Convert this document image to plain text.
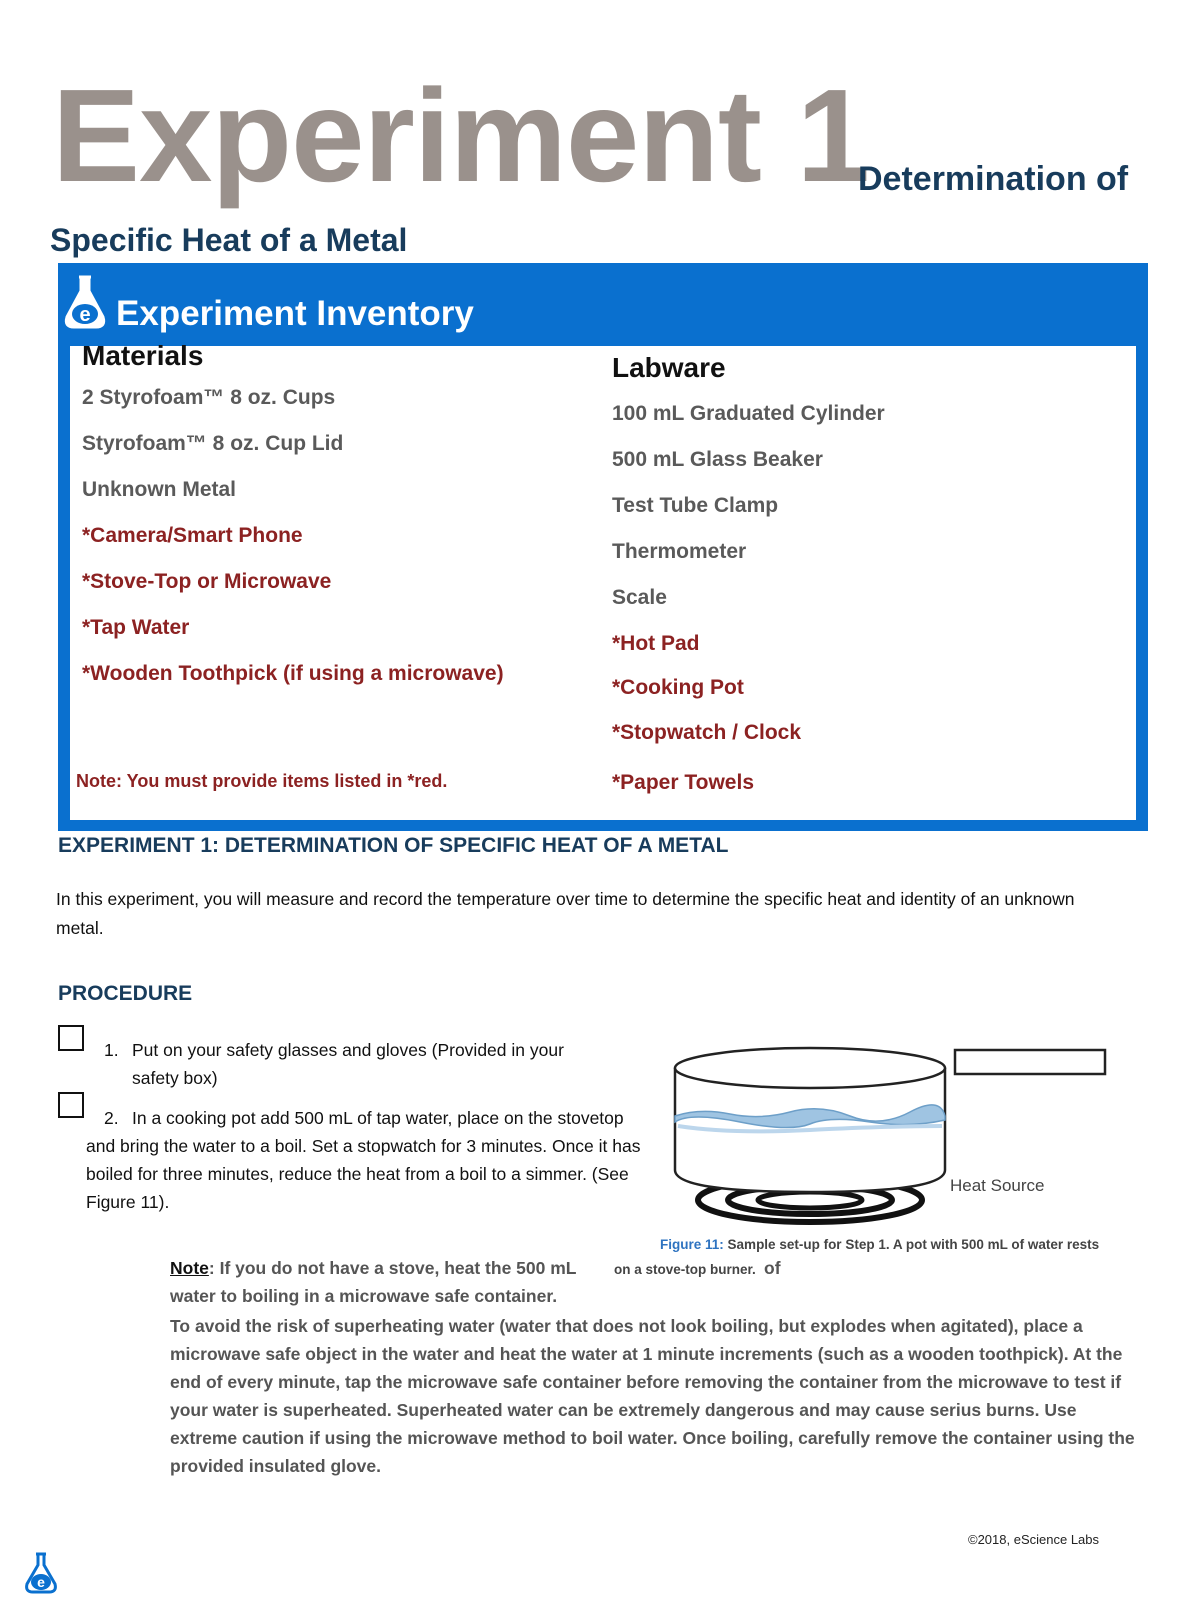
Experiment 1
Determination of
Specific Heat of a Metal
e Experiment Inventory
Materials
2 Styrofoam™ 8 oz. Cups
Styrofoam™ 8 oz. Cup Lid
Unknown Metal
*Camera/Smart Phone
*Stove-Top or Microwave
*Tap Water
*Wooden Toothpick (if using a microwave)
Note: You must provide items listed in *red.
Labware
100 mL Graduated Cylinder
500 mL Glass Beaker
Test Tube Clamp
Thermometer
Scale
*Hot Pad
*Cooking Pot
*Stopwatch / Clock
*Paper Towels
EXPERIMENT 1: DETERMINATION OF SPECIFIC HEAT OF A METAL
In this experiment, you will measure and record the temperature over time to determine the specific heat and identity of an unknown metal.
PROCEDURE
1. Put on your safety glasses and gloves (Provided in your safety box)
2. In a cooking pot add 500 mL of tap water, place on the stovetop and bring the water to a boil. Set a stopwatch for 3 minutes. Once it has boiled for three minutes, reduce the heat from a boil to a simmer. (See Figure 11).
Heat Source
Figure 11: Sample set-up for Step 1. A pot with 500 mL of water rests
Note: If you do not have a stove, heat the 500 mL	on a stove-top burner. of
water to boiling in a microwave safe container.
To avoid the risk of superheating water (water that does not look boiling, but explodes when agitated), place a microwave safe object in the water and heat the water at 1 minute increments (such as a wooden toothpick). At the end of every minute, tap the microwave safe container before removing the container from the microwave to test if your water is superheated. Superheated water can be extremely dangerous and may cause serius burns. Use extreme caution if using the microwave method to boil water. Once boiling, carefully remove the container using the provided insulated glove.
©2018, eScience Labs
e
